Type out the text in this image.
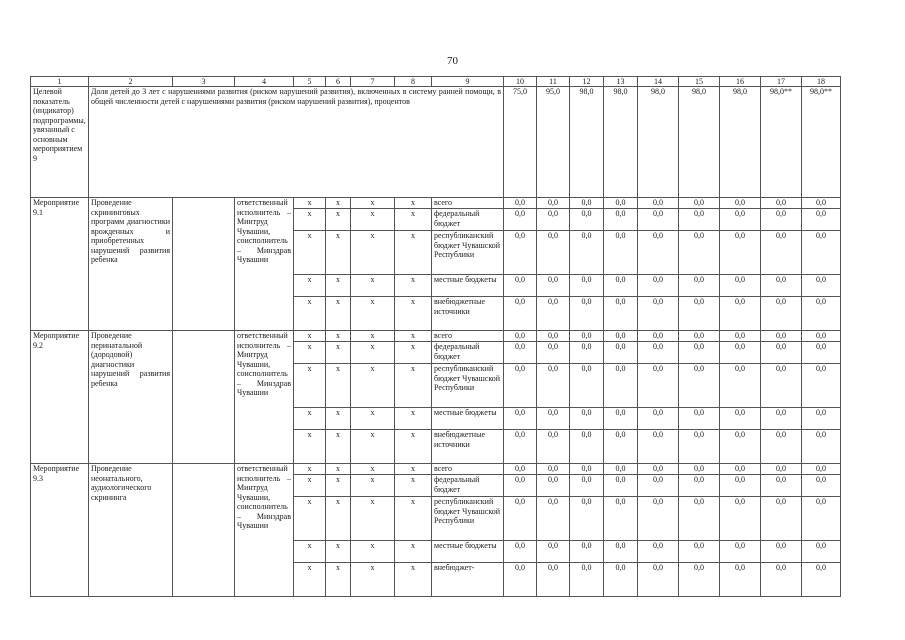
70
1	2	3	4	5	6	7	8	9	10	11	12	13	14	15	16	17	18
Целевой показатель (индикатор) подпрограммы, увязанный с основным мероприятием 9	Доля детей до 3 лет с нарушениями развития (риском нарушений развития), включенных в систему ранней помощи, в общей численности детей с нарушениями развития (риском нарушений развития), процентов								75,0	95,0	98,0	98,0	98,0	98,0	98,0	98,0**	98,0**
Мероприятие 9.1	Проведение скрининговых программ диагностики врожденных и приобретенных нарушений развития ребенка		ответственный исполнитель – Минтруд Чувашии, соисполнитель – Минздрав Чувашии	x	x	x	x	всего	0,0	0,0	0,0	0,0	0,0	0,0	0,0	0,0	0,0
				x	x	x	x	федеральный бюджет	0,0	0,0	0,0	0,0	0,0	0,0	0,0	0,0	0,0
				x	x	x	x	республиканский бюджет Чувашской Республики	0,0	0,0	0,0	0,0	0,0	0,0	0,0	0,0	0,0
				x	x	x	x	местные бюджеты	0,0	0,0	0,0	0,0	0,0	0,0	0,0	0,0	0,0
				x	x	x	x	внебюджетные источники	0,0	0,0	0,0	0,0	0,0	0,0	0,0	0,0	0,0
Мероприятие 9.2	Проведение перинатальной (дородовой) диагностики нарушений развития ребенка		ответственный исполнитель – Минтруд Чувашии, соисполнитель – Минздрав Чувашии	x	x	x	x	всего	0,0	0,0	0,0	0,0	0,0	0,0	0,0	0,0	0,0
				x	x	x	x	федеральный бюджет	0,0	0,0	0,0	0,0	0,0	0,0	0,0	0,0	0,0
				x	x	x	x	республиканский бюджет Чувашской Республики	0,0	0,0	0,0	0,0	0,0	0,0	0,0	0,0	0,0
				x	x	x	x	местные бюджеты	0,0	0,0	0,0	0,0	0,0	0,0	0,0	0,0	0,0
				x	x	x	x	внебюджетные источники	0,0	0,0	0,0	0,0	0,0	0,0	0,0	0,0	0,0
Мероприятие 9.3	Проведение неонатального, аудиологического скрининга		ответственный исполнитель – Минтруд Чувашии, соисполнитель – Минздрав Чувашии	x	x	x	x	всего	0,0	0,0	0,0	0,0	0,0	0,0	0,0	0,0	0,0
				x	x	x	x	федеральный бюджет	0,0	0,0	0,0	0,0	0,0	0,0	0,0	0,0	0,0
				x	x	x	x	республиканский бюджет Чувашской Республики	0,0	0,0	0,0	0,0	0,0	0,0	0,0	0,0	0,0
				x	x	x	x	местные бюджеты	0,0	0,0	0,0	0,0	0,0	0,0	0,0	0,0	0,0
				x	x	x	x	внебюджет-	0,0	0,0	0,0	0,0	0,0	0,0	0,0	0,0	0,0
